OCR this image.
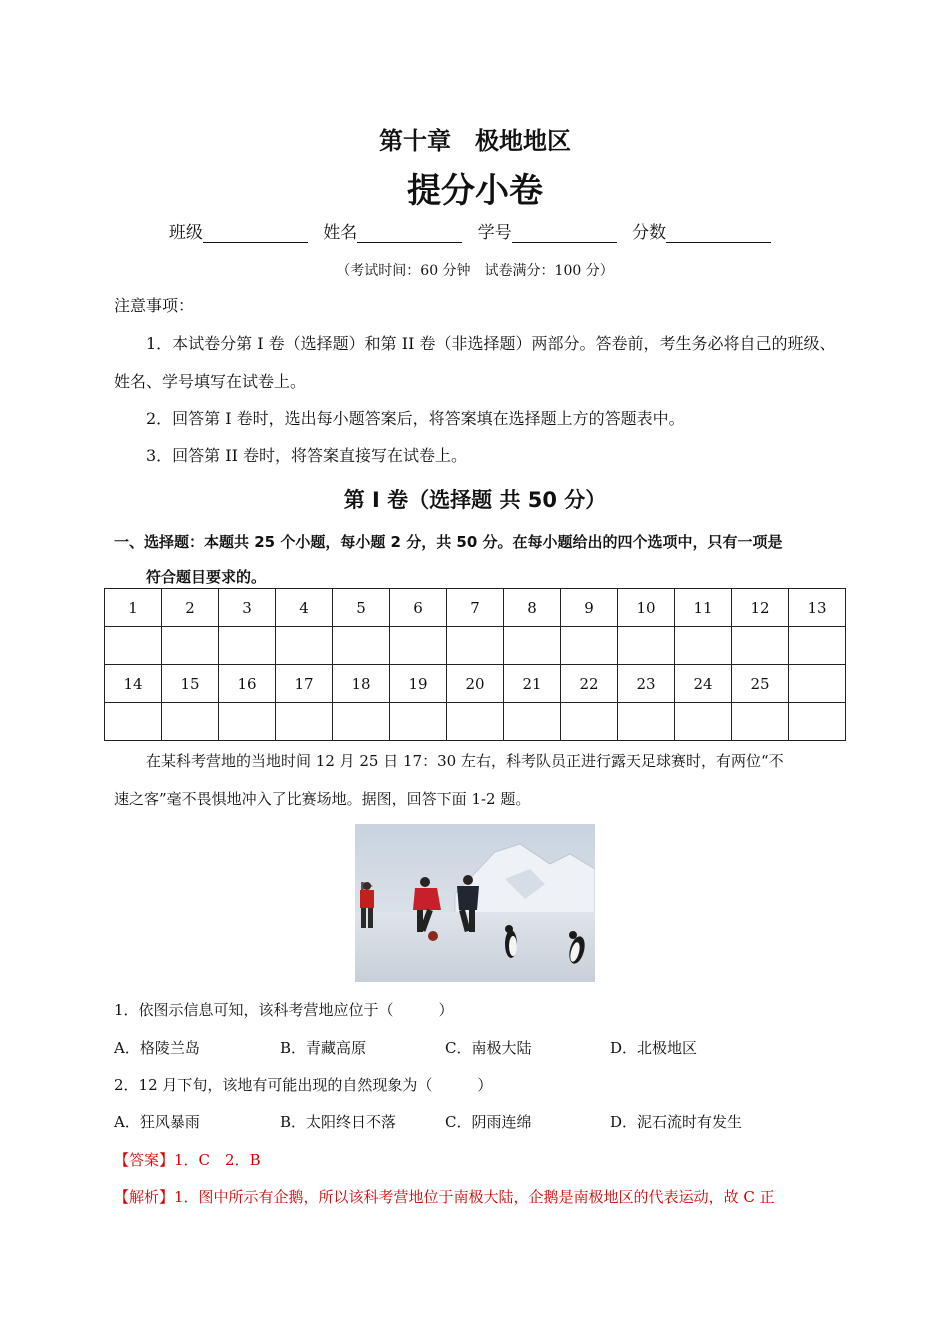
第十章　极地地区
提分小卷
班级	姓名	学号	分数
（考试时间：60 分钟　试卷满分：100 分）
注意事项：
1．本试卷分第 I 卷（选择题）和第 II 卷（非选择题）两部分。答卷前，考生务必将自己的班级、
姓名、学号填写在试卷上。
2．回答第 I 卷时，选出每小题答案后，将答案填在选择题上方的答题表中。
3．回答第 II 卷时，将答案直接写在试卷上。
第 I 卷（选择题 共 50 分）
一、选择题：本题共 25 个小题，每小题 2 分，共 50 分。在每小题给出的四个选项中，只有一项是
符合题目要求的。
1	2	3	4	5	6	7	8	9	10	11	12	13

14	15	16	17	18	19	20	21	22	23	24	25	

在某科考营地的当地时间 12 月 25 日 17：30 左右，科考队员正进行露天足球赛时，有两位“不
速之客”毫不畏惧地冲入了比赛场地。据图，回答下面 1-2 题。
1．依图示信息可知，该科考营地应位于（　　　）
A．格陵兰岛	B．青藏高原	C．南极大陆	D．北极地区
2．12 月下旬，该地有可能出现的自然现象为（　　　）
A．狂风暴雨	B．太阳终日不落	C．阴雨连绵	D．泥石流时有发生
【答案】1．C　2．B
【解析】1．图中所示有企鹅，所以该科考营地位于南极大陆，企鹅是南极地区的代表运动，故 C 正
